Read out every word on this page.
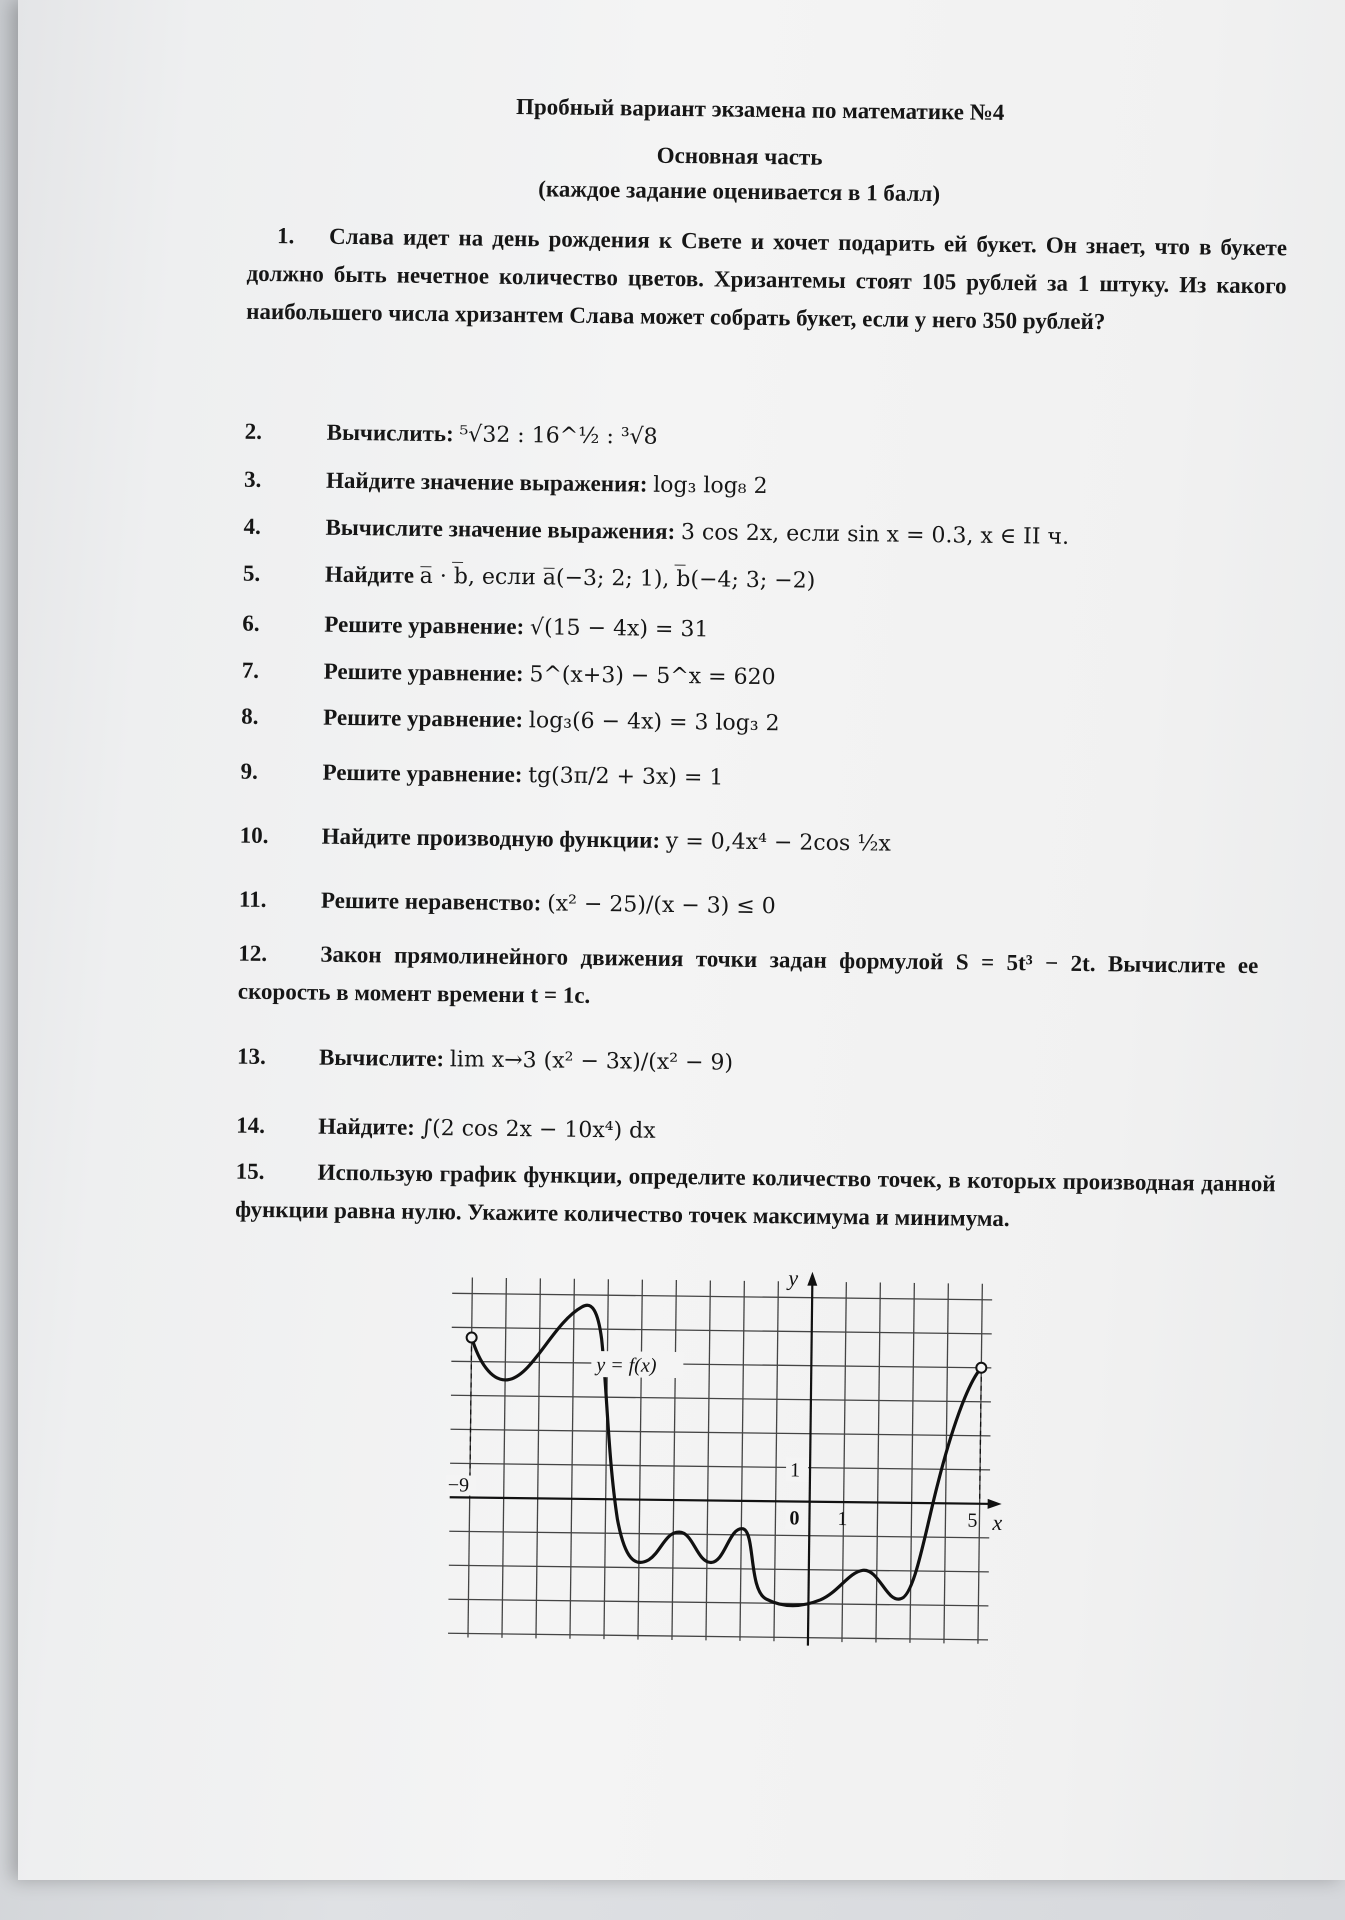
Пробный вариант экзамена по математике №4
Основная часть
(каждое задание оценивается в 1 балл)
1.	Слава идет на день рождения к Свете и хочет подарить ей букет. Он знает, что в букете должно быть нечетное количество цветов. Хризантемы стоят 105 рублей за 1 штуку. Из какого наибольшего числа хризантем Слава может собрать букет, если у него 350 рублей?
2.	Вычислить: ⁵√32 : 16^½ : ³√8
3.	Найдите значение выражения: log₃ log₈ 2
4.	Вычислите значение выражения: 3 cos 2x, если sin x = 0.3, x ∈ II ч.
5.	Найдите a̅ · b̅, если a̅(−3; 2; 1), b̅(−4; 3; −2)
6.	Решите уравнение: √(15 − 4x) = 31
7.	Решите уравнение: 5^(x+3) − 5^x = 620
8.	Решите уравнение: log₃(6 − 4x) = 3 log₃ 2
9.	Решите уравнение: tg(3π/2 + 3x) = 1
10.	Найдите производную функции: y = 0,4x⁴ − 2cos ½x
11.	Решите неравенство: (x² − 25)/(x − 3) ≤ 0
12.	Закон прямолинейного движения точки задан формулой S = 5t³ − 2t. Вычислите ее скорость в момент времени t = 1с.
13.	Вычислите: lim x→3 (x² − 3x)/(x² − 9)
14.	Найдите: ∫(2 cos 2x − 10x⁴) dx
15.	Использую график функции, определите количество точек, в которых производная данной функции равна нулю. Укажите количество точек максимума и минимума.
y = f(x)
1
0 1
−9
5 x
y
